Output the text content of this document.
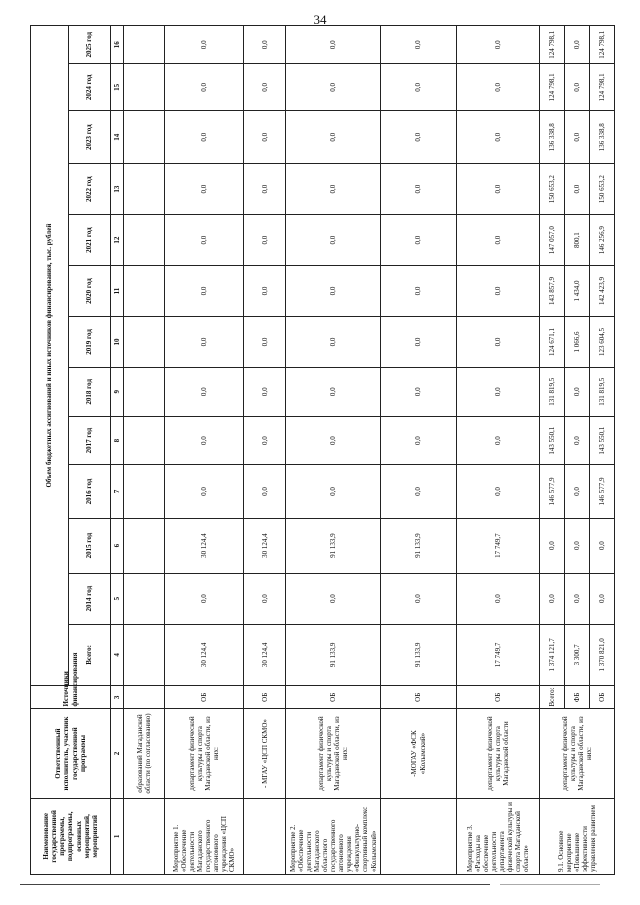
34
Наименование государственной программы, подпрограммы, основных мероприятий, мероприятий	Ответственный исполнитель, участник государственной программы	Источники финансирования	Объем бюджетных ассигнований и иных источников финансирования, тыс. рублей												
			Всего:	2014 год	2015 год	2016 год	2017 год	2018 год	2019 год	2020 год	2021 год	2022 год	2023 год	2024 год	2025 год
1	2	3	4	5	6	7	8	9	10	11	12	13	14	15	16
	образований Магаданской области (по согласованию)														
Мероприятие 1. «Обеспечение деятельности Магаданского государственного автономного учреждения «ЦСП СКМО»	департамент физической культуры и спорта Магаданской области, из них:	ОБ	30 124,4	0,0	30 124,4	0,0	0,0	0,0	0,0	0,0	0,0	0,0	0,0	0,0	0,0
	- МГАУ «ЦСП СКМО»	ОБ	30 124,4	0,0	30 124,4	0,0	0,0	0,0	0,0	0,0	0,0	0,0	0,0	0,0	0,0
Мероприятие 2. «Обеспечение деятельности Магаданского областного государственного автономного учреждения «Физкультурно-спортивный комплекс «Колымский»	департамент физической культуры и спорта Магаданской области, из них:	ОБ	91 133,9	0,0	91 133,9	0,0	0,0	0,0	0,0	0,0	0,0	0,0	0,0	0,0	0,0
	-МОГАУ «ФСК «Колымский»	ОБ	91 133,9	0,0	91 133,9	0,0	0,0	0,0	0,0	0,0	0,0	0,0	0,0	0,0	0,0
Мероприятие 3. «Расходы на обеспечение деятельности департамента физической культуры и спорта Магаданской области»	департамент физической культуры и спорта Магаданской области	ОБ	17 749,7	0,0	17 749,7	0,0	0,0	0,0	0,0	0,0	0,0	0,0	0,0	0,0	0,0
9.1. Основное мероприятие «Повышение эффективности управления развитием	департамент физической культуры и спорта Магаданской области, из них:	Всего:	1 374 121,7	0,0	0,0	146 577,9	143 550,1	131 819,5	124 671,1	143 857,9	147 057,0	150 653,2	136 338,8	124 798,1	124 798,1
		ФБ	3 300,7	0,0	0,0	0,0	0,0	0,0	1 066,6	1 434,0	800,1	0,0	0,0	0,0	0,0
		ОБ	1 370 821,0	0,0	0,0	146 577,9	143 550,1	131 819,5	123 604,5	142 423,9	146 256,9	150 653,2	136 338,8	124 798,1	124 798,1
